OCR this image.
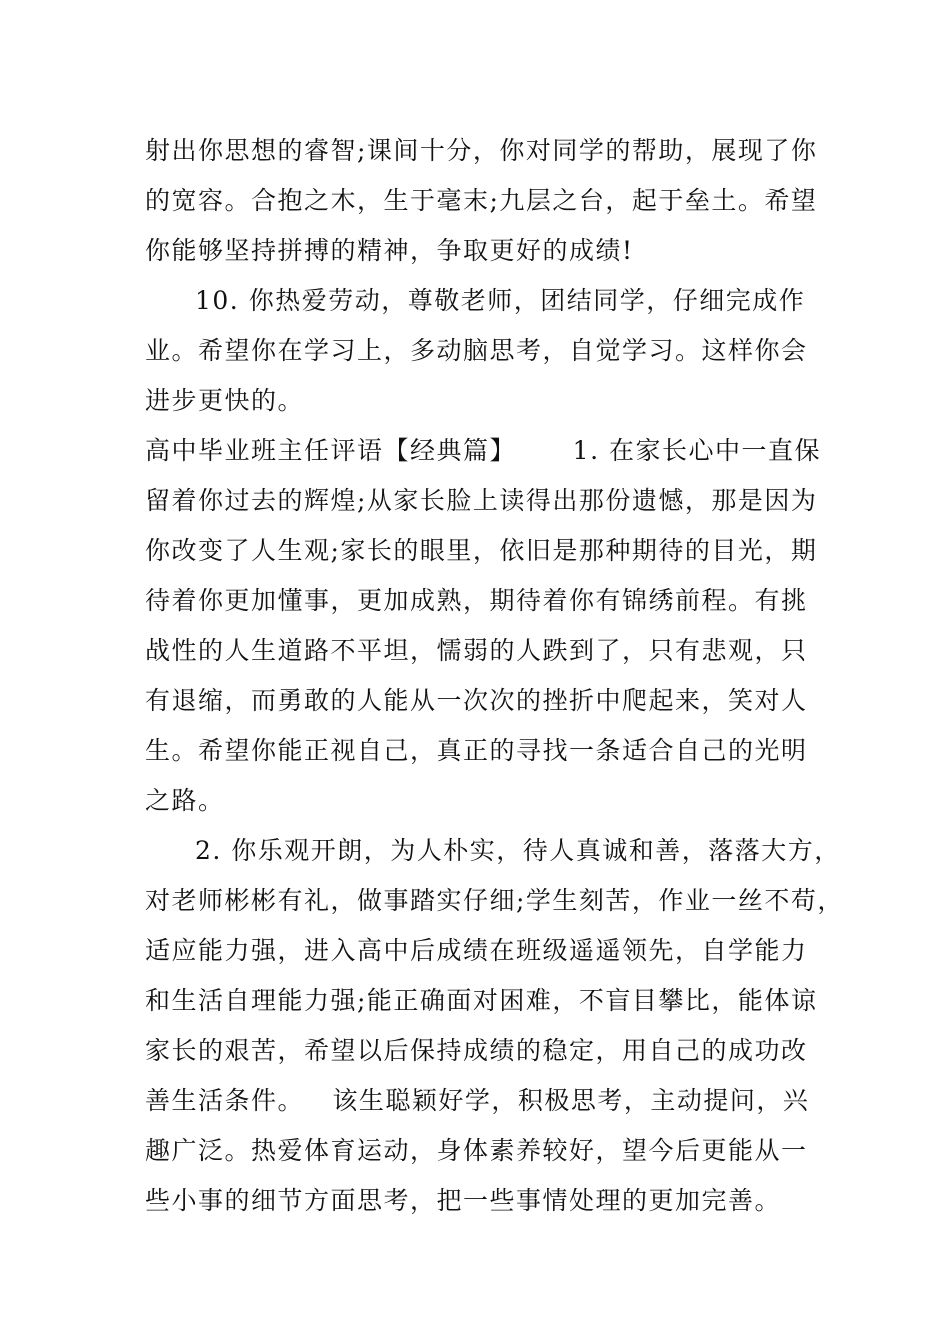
射出你思想的睿智;课间十分，你对同学的帮助，展现了你
的宽容。合抱之木，生于毫末;九层之台，起于垒土。希望
你能够坚持拼搏的精神，争取更好的成绩!
10. 你热爱劳动，尊敬老师，团结同学，仔细完成作
业。希望你在学习上，多动脑思考，自觉学习。这样你会
进步更快的。
高中毕业班主任评语【经典篇】      1. 在家长心中一直保
留着你过去的辉煌;从家长脸上读得出那份遗憾，那是因为
你改变了人生观;家长的眼里，依旧是那种期待的目光，期
待着你更加懂事，更加成熟，期待着你有锦绣前程。有挑
战性的人生道路不平坦，懦弱的人跌到了，只有悲观，只
有退缩，而勇敢的人能从一次次的挫折中爬起来，笑对人
生。希望你能正视自己，真正的寻找一条适合自己的光明
之路。
2. 你乐观开朗，为人朴实，待人真诚和善，落落大方，
对老师彬彬有礼，做事踏实仔细;学生刻苦，作业一丝不苟，
适应能力强，进入高中后成绩在班级遥遥领先，自学能力
和生活自理能力强;能正确面对困难，不盲目攀比，能体谅
家长的艰苦，希望以后保持成绩的稳定，用自己的成功改
善生活条件。   该生聪颖好学，积极思考，主动提问，兴
趣广泛。热爱体育运动，身体素养较好，望今后更能从一
些小事的细节方面思考，把一些事情处理的更加完善。
